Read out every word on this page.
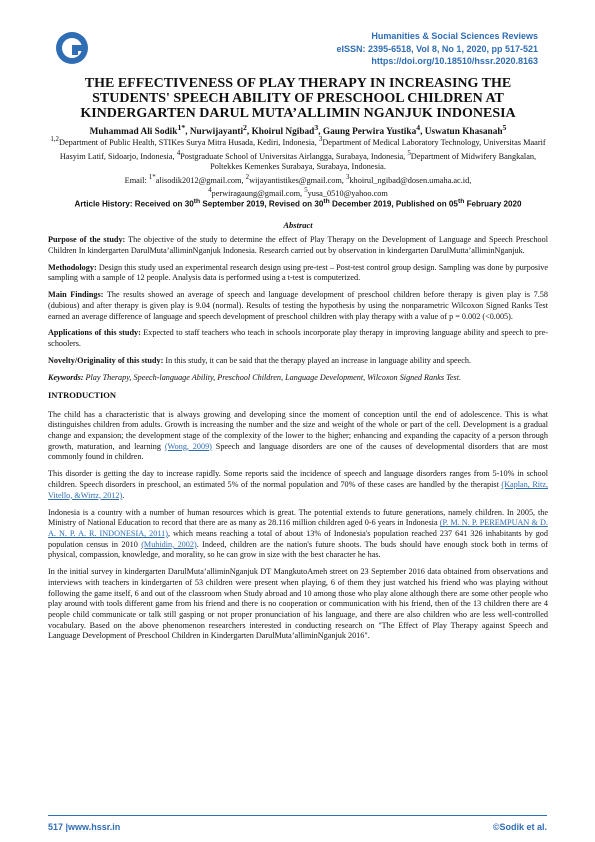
Humanities & Social Sciences Reviews
eISSN: 2395-6518, Vol 8, No 1, 2020, pp 517-521
https://doi.org/10.18510/hssr.2020.8163
THE EFFECTIVENESS OF PLAY THERAPY IN INCREASING THE
STUDENTS' SPEECH ABILITY OF PRESCHOOL CHILDREN AT
KINDERGARTEN DARUL MUTA’ALLIMIN NGANJUK INDONESIA
Muhammad Ali Sodik$^{1*}$, Nurwijayanti$^2$, Khoirul Ngibad$^3$, Gaung Perwira Yustika$^4$, Uswatun Khasanah$^5$
$^{1,2}$Department of Public Health, STIKes Surya Mitra Husada, Kediri, Indonesia, $^3$Department of Medical Laboratory Technology, Universitas Maarif Hasyim Latif, Sidoarjo, Indonesia, $^4$Postgraduate School of Universitas Airlangga, Surabaya, Indonesia, $^5$Department of Midwifery Bangkalan, Poltekkes Kemenkes Surabaya, Surabaya, Indonesia.
Email: $^{1*}$alisodik2012@gmail.com, $^2$wijayantistikes@gmail.com, $^3$khoirul_ngibad@dosen.umaha.ac.id,
$^4$perwiragaung@gmail.com, $^5$yusa_0510@yahoo.com
Article History: Received on 30th September 2019, Revised on 30th December 2019, Published on 05th February 2020
Abstract

Purpose of the study: The objective of the study to determine the effect of Play Therapy on the Development of Language and Speech Preschool Children In kindergarten DarulMuta’alliminNganjuk Indonesia. Research carried out by observation in kindergarten DarulMutta’alliminNganjuk.

Methodology: Design this study used an experimental research design using pre-test – Post-test control group design. Sampling was done by purposive sampling with a sample of 12 people. Analysis data is performed using a t-test is computerized.

Main Findings: The results showed an average of speech and language development of preschool children before therapy is given play is 7.58 (dubious) and after therapy is given play is 9.04 (normal). Results of testing the hypothesis by using the nonparametric Wilcoxon Signed Ranks Test earned an average difference of language and speech development of preschool children with play therapy with a value of p = 0.002 (<0.005).

Applications of this study: Expected to staff teachers who teach in schools incorporate play therapy in improving language ability and speech to pre-schoolers.

Novelty/Originality of this study: In this study, it can be said that the therapy played an increase in language ability and speech.

Keywords: Play Therapy, Speech-language Ability, Preschool Children, Language Development, Wilcoxon Signed Ranks Test.

INTRODUCTION

The child has a characteristic that is always growing and developing since the moment of conception until the end of adolescence. This is what distinguishes children from adults. Growth is increasing the number and the size and weight of the whole or part of the cell. Development is a gradual change and expansion; the development stage of the complexity of the lower to the higher; enhancing and expanding the capacity of a person through growth, maturation, and learning (Wong, 2009) Speech and language disorders are one of the causes of developmental disorders that are most commonly found in children.

This disorder is getting the day to increase rapidly. Some reports said the incidence of speech and language disorders ranges from 5-10% in school children. Speech disorders in preschool, an estimated 5% of the normal population and 70% of these cases are handled by the therapist (Kaplan, Ritz, Vitello, &Wirtz, 2012).

Indonesia is a country with a number of human resources which is great. The potential extends to future generations, namely children. In 2005, the Ministry of National Education to record that there are as many as 28.116 million children aged 0-6 years in Indonesia (P. M. N. P. PEREMPUAN & D. A. N. P. A. R. INDONESIA, 2011), which means reaching a total of about 13% of Indonesia's population reached 237 641 326 inhabitants by god population census in 2010 (Muhidin, 2002). Indeed, children are the nation's future shoots. The buds should have enough stock both in terms of physical, compassion, knowledge, and morality, so he can grow in size with the best character he has.

In the initial survey in kindergarten DarulMuta’alliminNganjuk DT MangkutoAmeh street on 23 September 2016 data obtained from observations and interviews with teachers in kindergarten of 53 children were present when playing, 6 of them they just watched his friend who was playing without following the game itself, 6 and out of the classroom when Study abroad and 10 among those who play alone although there are some other people who play around with tools different game from his friend and there is no cooperation or communication with his friend, then of the 13 children there are 4 people child communicate or talk still gasping or not proper pronunciation of his language, and there are also children who are less well-controlled vocabulary. Based on the above phenomenon researchers interested in conducting research on "The Effect of Play Therapy against Speech and Language Development of Preschool Children in Kindergarten DarulMuta’alliminNganjuk 2016".

517 |www.hssr.in	©Sodik et al.
